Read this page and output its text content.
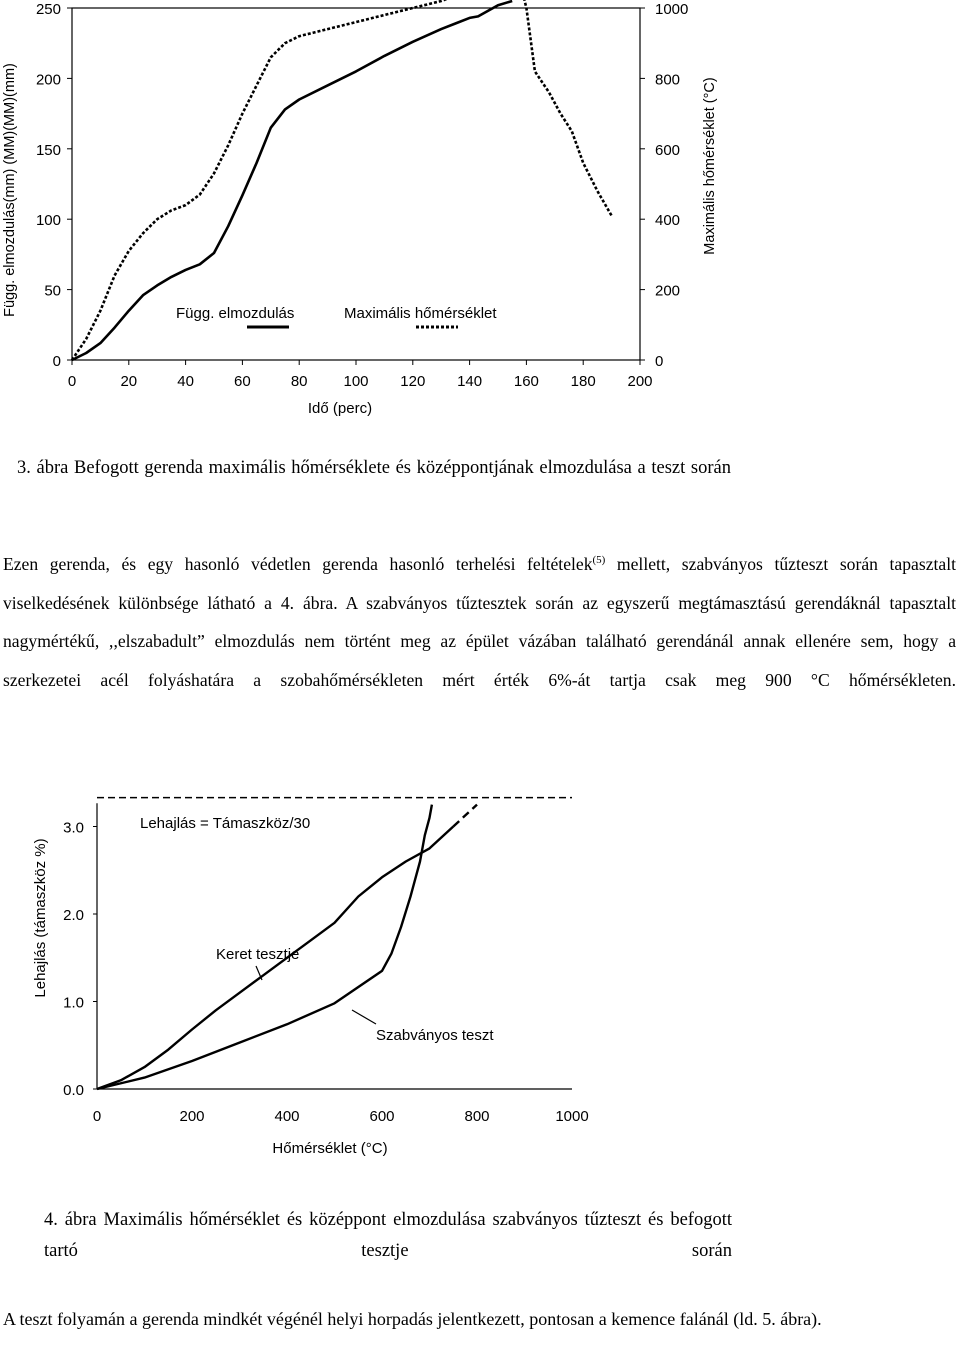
0	20	40	60	80 100 120 140 160 180 200
0
50
100
150
200
250
0
200
400
600
800
1000
Idő (perc)
Függ. elmozdulás(mm) (MM)(MM)(mm)	Maximális hőmérséklet (°C)
Függ. elmozdulás	Maximális hőmérséklet
3. ábra Befogott gerenda maximális hőmérséklete és középpontjának elmozdulása a teszt során
Ezen gerenda, és egy hasonló védetlen gerenda hasonló terhelési feltételek$^{(5)}$ mellett, szabványos tűzteszt során tapasztalt viselkedésének különbsége látható a 4. ábra. A szabványos tűztesztek során az egyszerű megtámasztású gerendáknál tapasztalt nagymértékű, ,,elszabadult” elmozdulás nem történt meg az épület vázában található gerendánál annak ellenére sem, hogy a szerkezetei acél folyáshatára a szobahőmérsékleten mért érték 6%-át tartja csak meg 900 °C hőmérsékleten.
0	200	400	600	800	1000
0.0
1.0
2.0
3.0
Hőmérséklet (°C)
Lehajlás (támaszköz %)
Lehajlás = Támaszköz/30
Keret tesztje
Szabványos teszt
4. ábra Maximális hőmérséklet és középpont elmozdulása szabványos tűzteszt és befogott tartó tesztje során
A teszt folyamán a gerenda mindkét végénél helyi horpadás jelentkezett, pontosan a kemence falánál (ld. 5. ábra).
